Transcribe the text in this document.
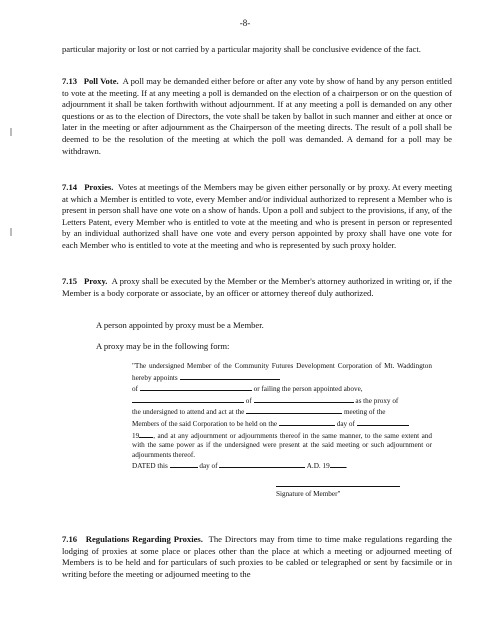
-8-
particular majority or lost or not carried by a particular majority shall be conclusive evidence of the fact.
7.13 Poll Vote. A poll may be demanded either before or after any vote by show of hand by any person entitled to vote at the meeting. If at any meeting a poll is demanded on the election of a chairperson or on the question of adjournment it shall be taken forthwith without adjournment. If at any meeting a poll is demanded on any other questions or as to the election of Directors, the vote shall be taken by ballot in such manner and either at once or later in the meeting or after adjournment as the Chairperson of the meeting directs. The result of a poll shall be deemed to be the resolution of the meeting at which the poll was demanded. A demand for a poll may be withdrawn.
7.14 Proxies. Votes at meetings of the Members may be given either personally or by proxy. At every meeting at which a Member is entitled to vote, every Member and/or individual authorized to represent a Member who is present in person shall have one vote on a show of hands. Upon a poll and subject to the provisions, if any, of the Letters Patent, every Member who is entitled to vote at the meeting and who is present in person or represented by an individual authorized shall have one vote and every person appointed by proxy shall have one vote for each Member who is entitled to vote at the meeting and who is represented by such proxy holder.
7.15 Proxy. A proxy shall be executed by the Member or the Member's attorney authorized in writing or, if the Member is a body corporate or associate, by an officer or attorney thereof duly authorized.
A person appointed by proxy must be a Member.
A proxy may be in the following form:
"The undersigned Member of the Community Futures Development Corporation of Mt. Waddington hereby appoints
of	or failing the person appointed above,
of	as the proxy of
the undersigned to attend and act at the	meeting of the
Members of the said Corporation to be held on the	day of
19 , and at any adjournment or adjournments thereof in the same manner, to the same extent and with the same power as if the undersigned were present at the said meeting or such adjournment or adjournments thereof.
DATED this	day of	A.D. 19 .
Signature of Member"
7.16 Regulations Regarding Proxies. The Directors may from time to time make regulations regarding the lodging of proxies at some place or places other than the place at which a meeting or adjourned meeting of Members is to be held and for particulars of such proxies to be cabled or telegraphed or sent by facsimile or in writing before the meeting or adjourned meeting to the
